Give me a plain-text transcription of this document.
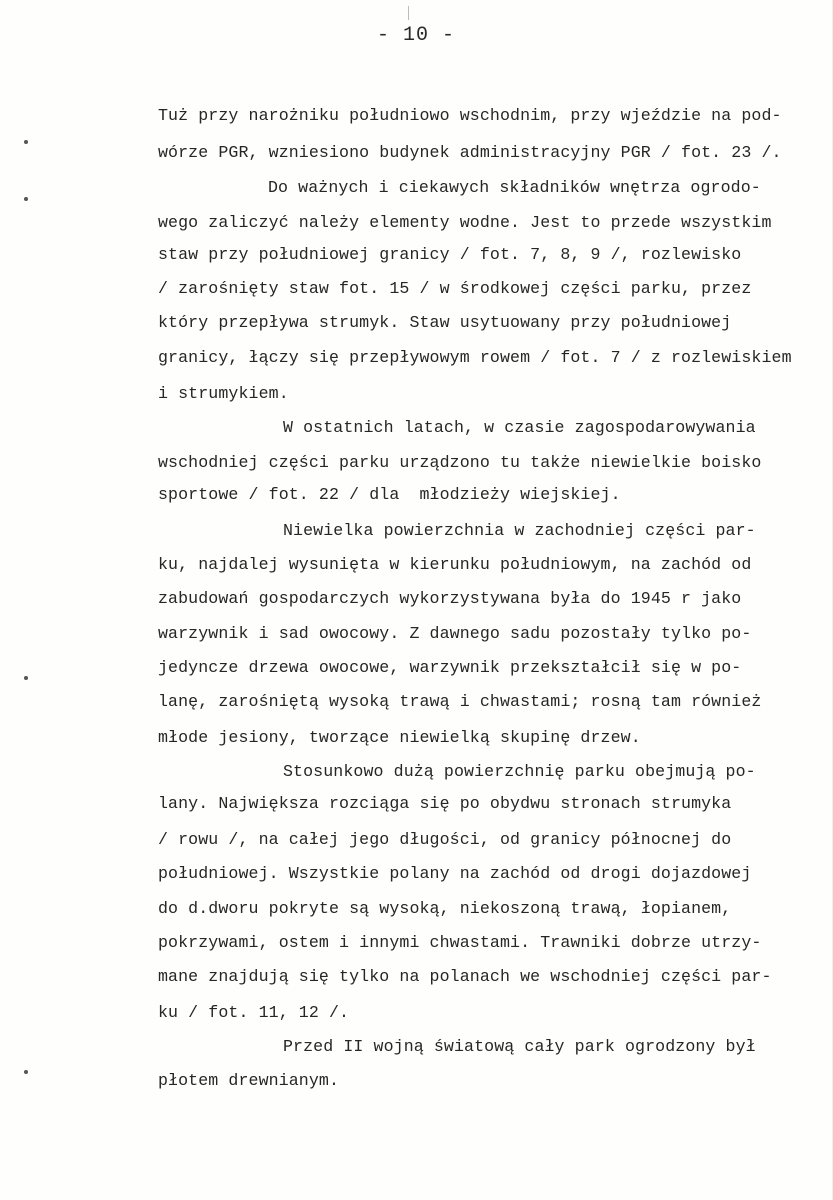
- 10 -
Tuż przy narożniku południowo wschodnim, przy wjeździe na pod-
wórze PGR, wzniesiono budynek administracyjny PGR / fot. 23 /.
Do ważnych i ciekawych składników wnętrza ogrodo-
wego zaliczyć należy elementy wodne. Jest to przede wszystkim
staw przy południowej granicy / fot. 7, 8, 9 /, rozlewisko
/ zarośnięty staw fot. 15 / w środkowej części parku, przez
który przepływa strumyk. Staw usytuowany przy południowej
granicy, łączy się przepływowym rowem / fot. 7 / z rozlewiskiem
i strumykiem.
W ostatnich latach, w czasie zagospodarowywania
wschodniej części parku urządzono tu także niewielkie boisko
sportowe / fot. 22 / dla  młodzieży wiejskiej.
Niewielka powierzchnia w zachodniej części par-
ku, najdalej wysunięta w kierunku południowym, na zachód od
zabudowań gospodarczych wykorzystywana była do 1945 r jako
warzywnik i sad owocowy. Z dawnego sadu pozostały tylko po-
jedyncze drzewa owocowe, warzywnik przekształcił się w po-
lanę, zarośniętą wysoką trawą i chwastami; rosną tam również
młode jesiony, tworzące niewielką skupinę drzew.
Stosunkowo dużą powierzchnię parku obejmują po-
lany. Największa rozciąga się po obydwu stronach strumyka
/ rowu /, na całej jego długości, od granicy północnej do
południowej. Wszystkie polany na zachód od drogi dojazdowej
do d.dworu pokryte są wysoką, niekoszoną trawą, łopianem,
pokrzywami, ostem i innymi chwastami. Trawniki dobrze utrzy-
mane znajdują się tylko na polanach we wschodniej części par-
ku / fot. 11, 12 /.
Przed II wojną światową cały park ogrodzony był
płotem drewnianym.
